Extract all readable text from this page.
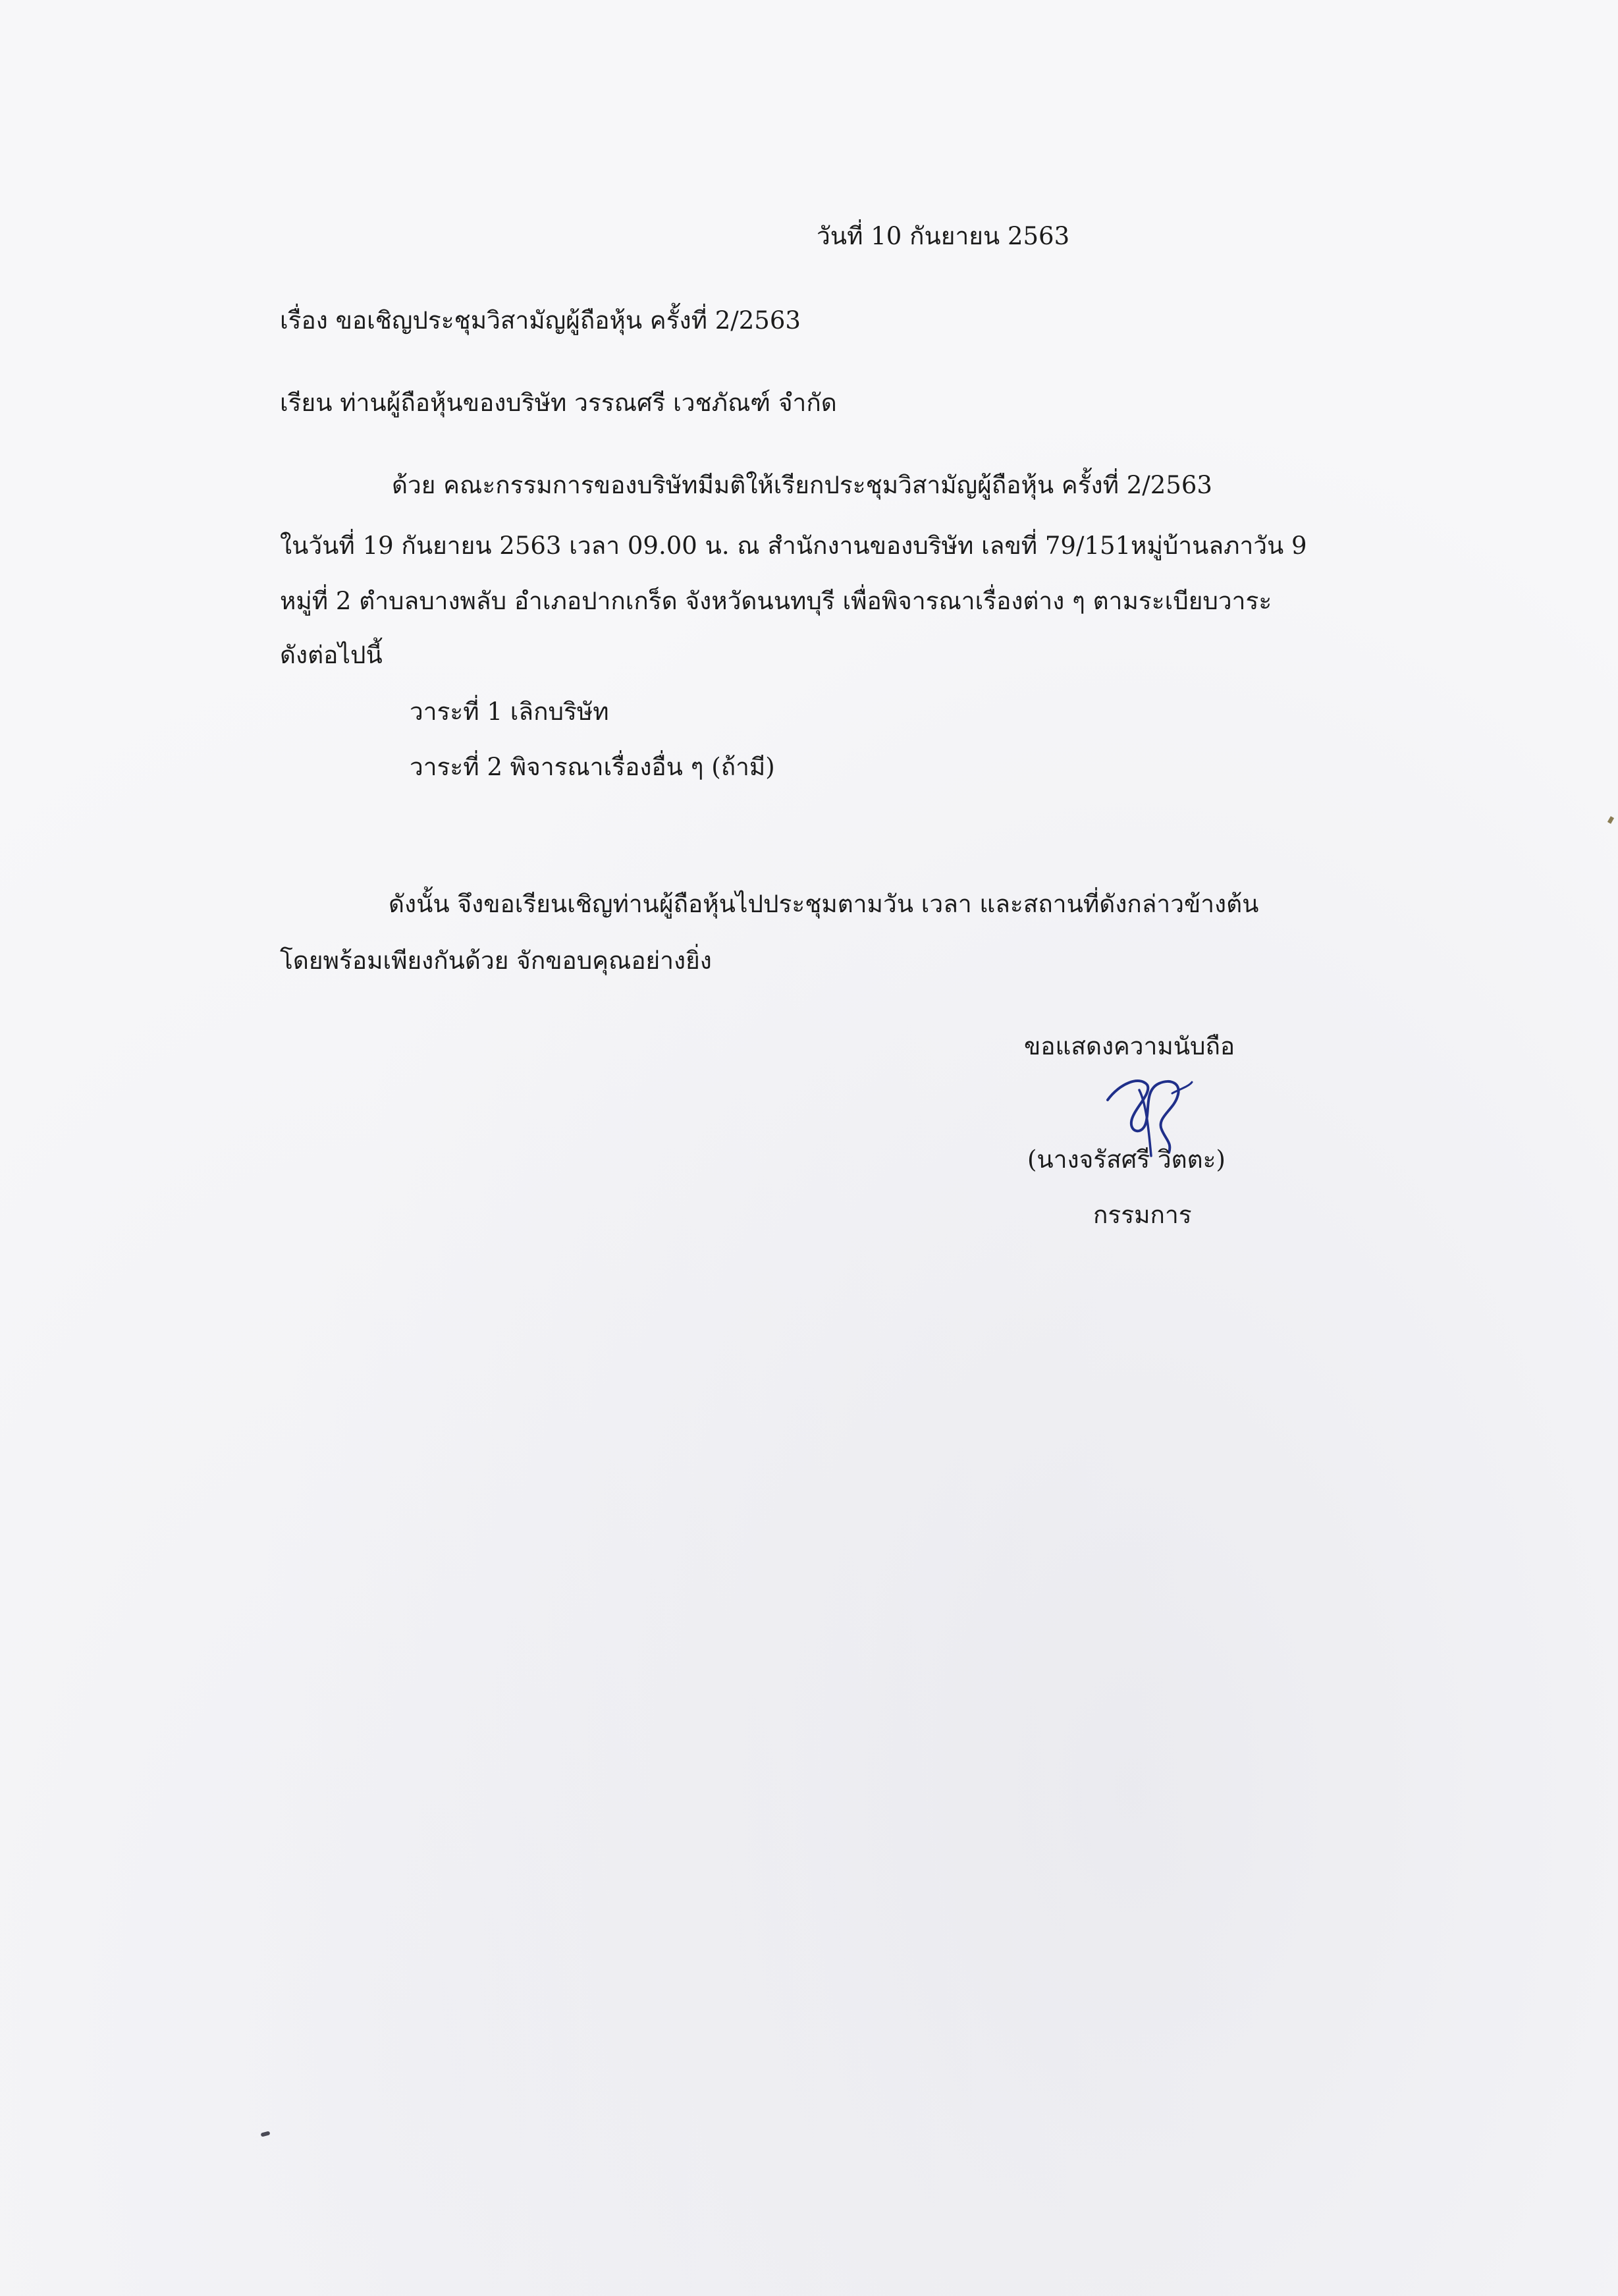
วันที่ 10 กันยายน 2563
เรื่อง ขอเชิญประชุมวิสามัญผู้ถือหุ้น ครั้งที่ 2/2563
เรียน ท่านผู้ถือหุ้นของบริษัท วรรณศรี เวชภัณฑ์ จำกัด
ด้วย คณะกรรมการของบริษัทมีมติให้เรียกประชุมวิสามัญผู้ถือหุ้น ครั้งที่ 2/2563
ในวันที่ 19 กันยายน 2563 เวลา 09.00 น. ณ สำนักงานของบริษัท เลขที่ 79/151หมู่บ้านลภาวัน 9
หมู่ที่ 2 ตำบลบางพลับ อำเภอปากเกร็ด จังหวัดนนทบุรี เพื่อพิจารณาเรื่องต่าง ๆ ตามระเบียบวาระ
ดังต่อไปนี้
วาระที่ 1 เลิกบริษัท
วาระที่ 2 พิจารณาเรื่องอื่น ๆ (ถ้ามี)
ดังนั้น จึงขอเรียนเชิญท่านผู้ถือหุ้นไปประชุมตามวัน เวลา และสถานที่ดังกล่าวข้างต้น
โดยพร้อมเพียงกันด้วย จักขอบคุณอย่างยิ่ง
ขอแสดงความนับถือ
(นางจรัสศรี วิตตะ)
กรรมการ
